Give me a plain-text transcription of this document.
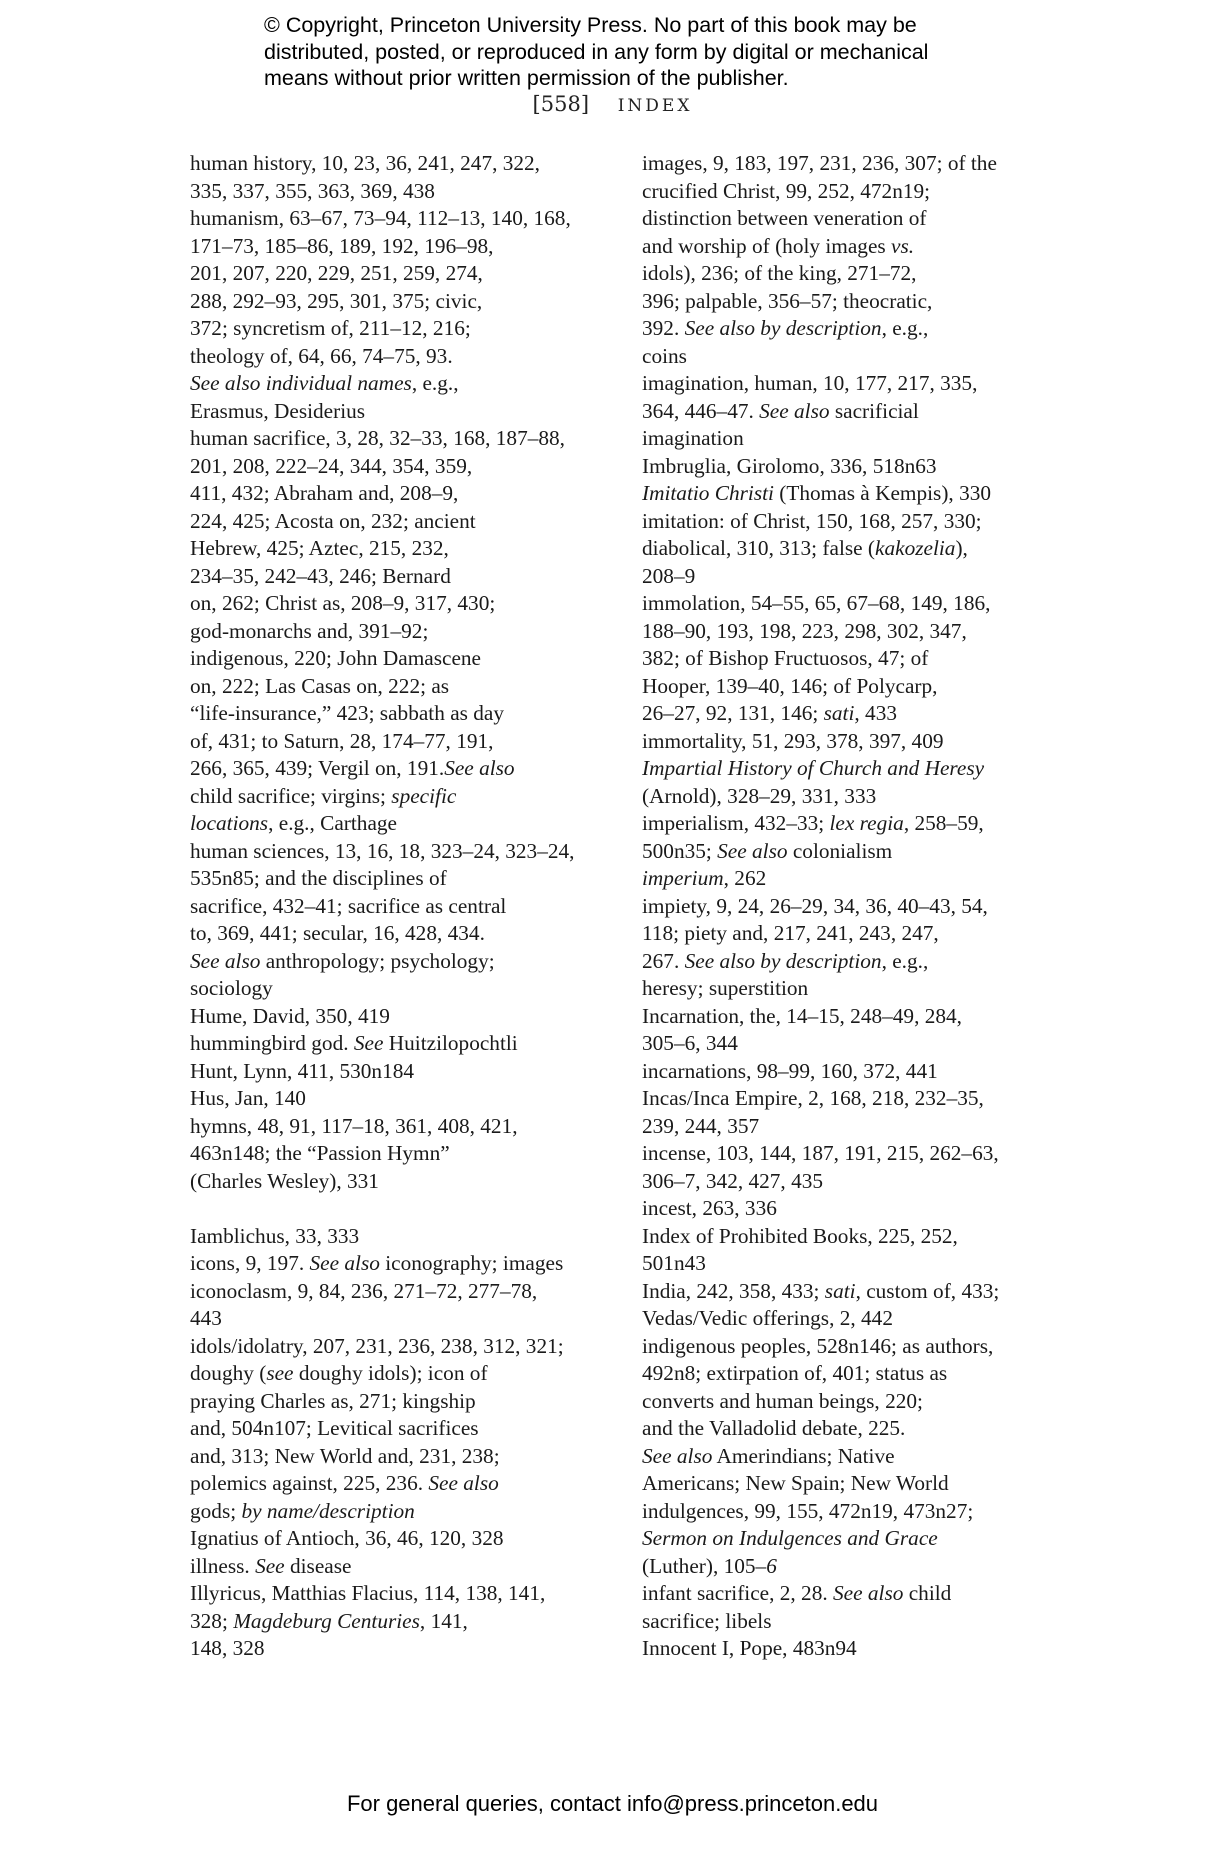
© Copyright, Princeton University Press. No part of this book may be
distributed, posted, or reproduced in any form by digital or mechanical
means without prior written permission of the publisher.
[558] INDEX
human history, 10, 23, 36, 241, 247, 322,
335, 337, 355, 363, 369, 438
humanism, 63–67, 73–94, 112–13, 140, 168,
171–73, 185–86, 189, 192, 196–98,
201, 207, 220, 229, 251, 259, 274,
288, 292–93, 295, 301, 375; civic,
372; syncretism of, 211–12, 216;
theology of, 64, 66, 74–75, 93.
See also individual names, e.g.,
Erasmus, Desiderius
human sacrifice, 3, 28, 32–33, 168, 187–88,
201, 208, 222–24, 344, 354, 359,
411, 432; Abraham and, 208–9,
224, 425; Acosta on, 232; ancient
Hebrew, 425; Aztec, 215, 232,
234–35, 242–43, 246; Bernard
on, 262; Christ as, 208–9, 317, 430;
god-monarchs and, 391–92;
indigenous, 220; John Damascene
on, 222; Las Casas on, 222; as
“life-insurance,” 423; sabbath as day
of, 431; to Saturn, 28, 174–77, 191,
266, 365, 439; Vergil on, 191.See also
child sacrifice; virgins; specific
locations, e.g., Carthage
human sciences, 13, 16, 18, 323–24, 323–24,
535n85; and the disciplines of
sacrifice, 432–41; sacrifice as central
to, 369, 441; secular, 16, 428, 434.
See also anthropology; psychology;
sociology
Hume, David, 350, 419
hummingbird god. See Huitzilopochtli
Hunt, Lynn, 411, 530n184
Hus, Jan, 140
hymns, 48, 91, 117–18, 361, 408, 421,
463n148; the “Passion Hymn”
(Charles Wesley), 331
Iamblichus, 33, 333
icons, 9, 197. See also iconography; images
iconoclasm, 9, 84, 236, 271–72, 277–78,
443
idols/idolatry, 207, 231, 236, 238, 312, 321;
doughy (see doughy idols); icon of
praying Charles as, 271; kingship
and, 504n107; Levitical sacrifices
and, 313; New World and, 231, 238;
polemics against, 225, 236. See also
gods; by name/description
Ignatius of Antioch, 36, 46, 120, 328
illness. See disease
Illyricus, Matthias Flacius, 114, 138, 141,
328; Magdeburg Centuries, 141,
148, 328
images, 9, 183, 197, 231, 236, 307; of the
crucified Christ, 99, 252, 472n19;
distinction between veneration of
and worship of (holy images vs.
idols), 236; of the king, 271–72,
396; palpable, 356–57; theocratic,
392. See also by description, e.g.,
coins
imagination, human, 10, 177, 217, 335,
364, 446–47. See also sacrificial
imagination
Imbruglia, Girolomo, 336, 518n63
Imitatio Christi (Thomas à Kempis), 330
imitation: of Christ, 150, 168, 257, 330;
diabolical, 310, 313; false (kakozelia),
208–9
immolation, 54–55, 65, 67–68, 149, 186,
188–90, 193, 198, 223, 298, 302, 347,
382; of Bishop Fructuosos, 47; of
Hooper, 139–40, 146; of Polycarp,
26–27, 92, 131, 146; sati, 433
immortality, 51, 293, 378, 397, 409
Impartial History of Church and Heresy
(Arnold), 328–29, 331, 333
imperialism, 432–33; lex regia, 258–59,
500n35; See also colonialism
imperium, 262
impiety, 9, 24, 26–29, 34, 36, 40–43, 54,
118; piety and, 217, 241, 243, 247,
267. See also by description, e.g.,
heresy; superstition
Incarnation, the, 14–15, 248–49, 284,
305–6, 344
incarnations, 98–99, 160, 372, 441
Incas/Inca Empire, 2, 168, 218, 232–35,
239, 244, 357
incense, 103, 144, 187, 191, 215, 262–63,
306–7, 342, 427, 435
incest, 263, 336
Index of Prohibited Books, 225, 252,
501n43
India, 242, 358, 433; sati, custom of, 433;
Vedas/Vedic offerings, 2, 442
indigenous peoples, 528n146; as authors,
492n8; extirpation of, 401; status as
converts and human beings, 220;
and the Valladolid debate, 225.
See also Amerindians; Native
Americans; New Spain; New World
indulgences, 99, 155, 472n19, 473n27;
Sermon on Indulgences and Grace
(Luther), 105–6
infant sacrifice, 2, 28. See also child
sacrifice; libels
Innocent I, Pope, 483n94
For general queries, contact info@press.princeton.edu
